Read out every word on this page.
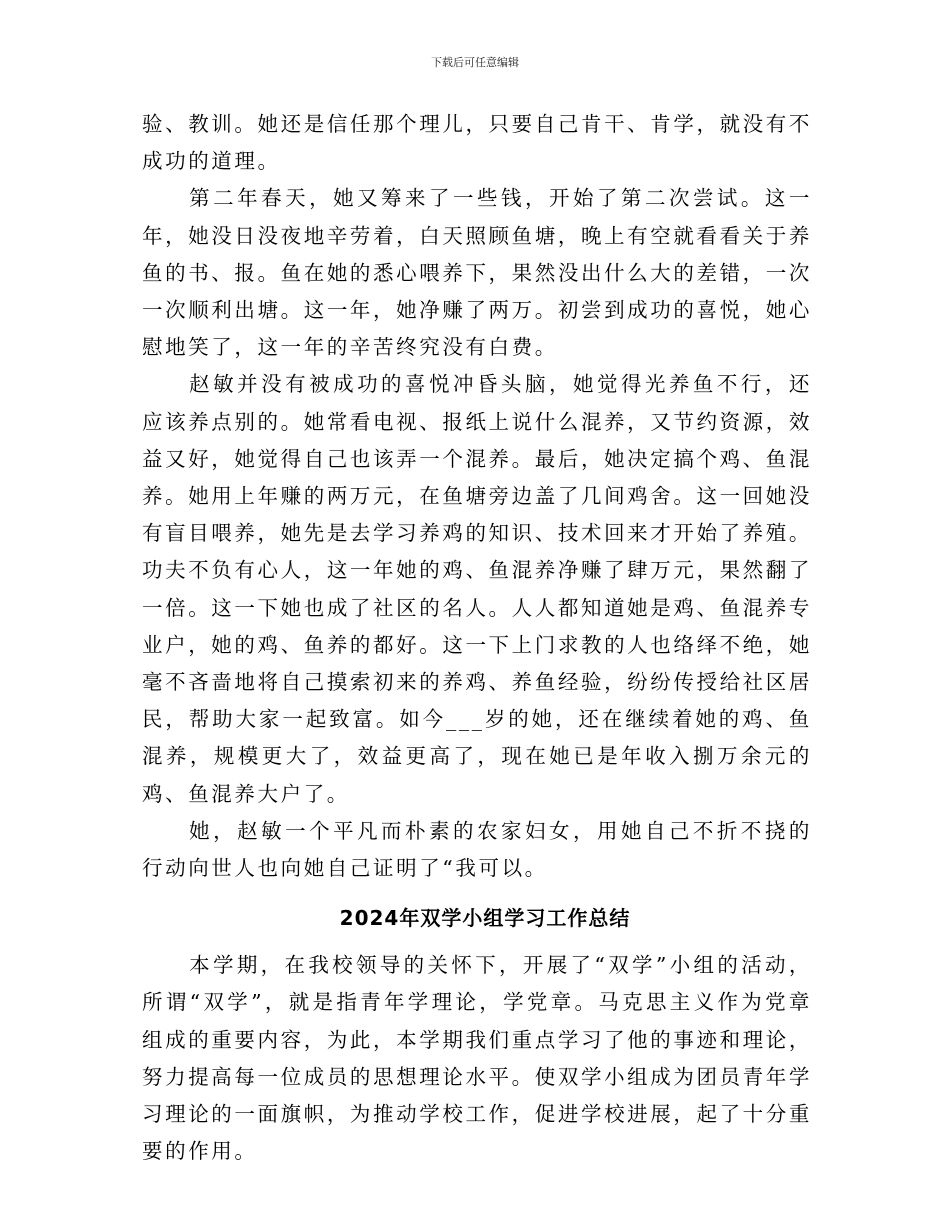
下载后可任意编辑

验、教训。她还是信任那个理儿，只要自己肯干、肯学，就没有不成功的道理。

第二年春天，她又筹来了一些钱，开始了第二次尝试。这一年，她没日没夜地辛劳着，白天照顾鱼塘，晚上有空就看看关于养鱼的书、报。鱼在她的悉心喂养下，果然没出什么大的差错，一次一次顺利出塘。这一年，她净赚了两万。初尝到成功的喜悦，她心慰地笑了，这一年的辛苦终究没有白费。

赵敏并没有被成功的喜悦冲昏头脑，她觉得光养鱼不行，还应该养点别的。她常看电视、报纸上说什么混养，又节约资源，效益又好，她觉得自己也该弄一个混养。最后，她决定搞个鸡、鱼混养。她用上年赚的两万元，在鱼塘旁边盖了几间鸡舍。这一回她没有盲目喂养，她先是去学习养鸡的知识、技术回来才开始了养殖。功夫不负有心人，这一年她的鸡、鱼混养净赚了肆万元，果然翻了一倍。这一下她也成了社区的名人。人人都知道她是鸡、鱼混养专业户，她的鸡、鱼养的都好。这一下上门求教的人也络绎不绝，她毫不吝啬地将自己摸索初来的养鸡、养鱼经验，纷纷传授给社区居民，帮助大家一起致富。如今___岁的她，还在继续着她的鸡、鱼混养，规模更大了，效益更高了，现在她已是年收入捌万余元的鸡、鱼混养大户了。

她，赵敏一个平凡而朴素的农家妇女，用她自己不折不挠的行动向世人也向她自己证明了“我可以。

2024年双学小组学习工作总结

本学期，在我校领导的关怀下，开展了“双学”小组的活动，所谓“双学”，就是指青年学理论，学党章。马克思主义作为党章组成的重要内容，为此，本学期我们重点学习了他的事迹和理论，努力提高每一位成员的思想理论水平。使双学小组成为团员青年学习理论的一面旗帜，为推动学校工作，促进学校进展，起了十分重要的作用。
